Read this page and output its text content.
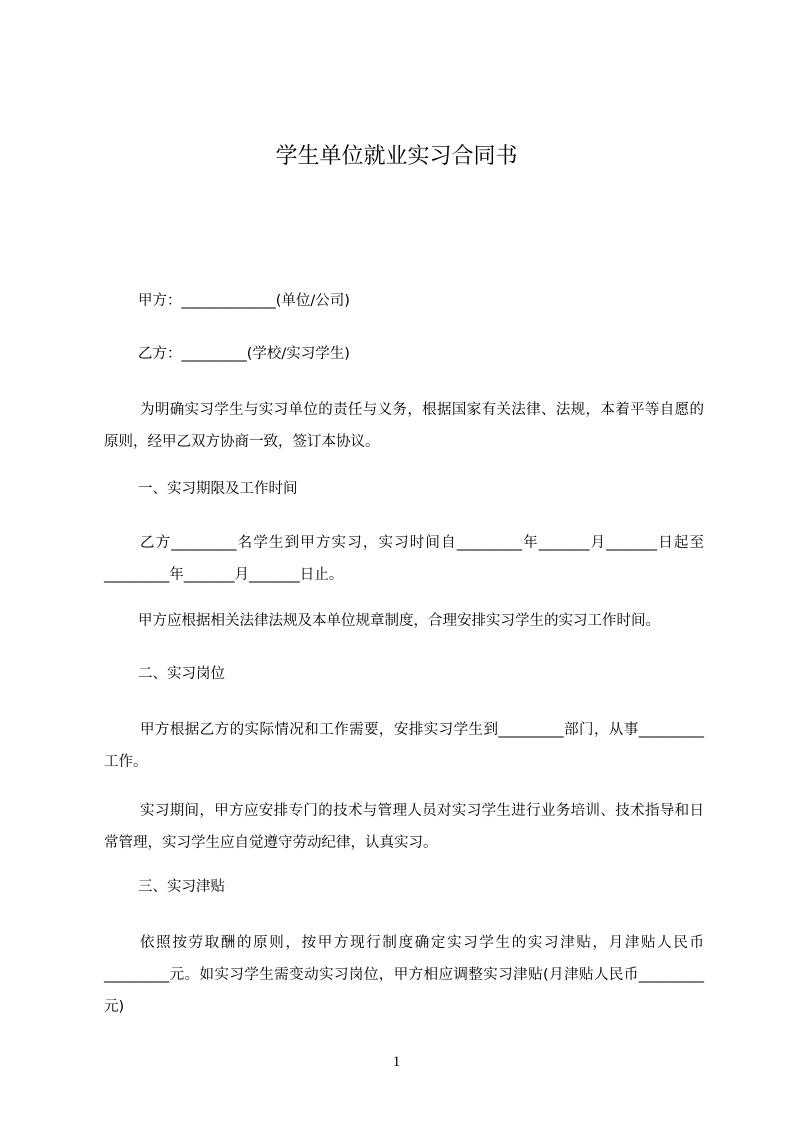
学生单位就业实习合同书
甲方：_____________(单位/公司)
乙方：_________(学校/实习学生)

为明确实习学生与实习单位的责任与义务，根据国家有关法律、法规，本着平等自愿的原则，经甲乙双方协商一致，签订本协议。

一、实习期限及工作时间

乙方_________名学生到甲方实习，实习时间自_________年_______月_______日起至_________年_______月_______日止。

甲方应根据相关法律法规及本单位规章制度，合理安排实习学生的实习工作时间。
二、实习岗位

甲方根据乙方的实际情况和工作需要，安排实习学生到_________部门，从事_________工作。

实习期间，甲方应安排专门的技术与管理人员对实习学生进行业务培训、技术指导和日常管理，实习学生应自觉遵守劳动纪律，认真实习。

三、实习津贴

依照按劳取酬的原则，按甲方现行制度确定实习学生的实习津贴，月津贴人民币_________元。如实习学生需变动实习岗位，甲方相应调整实习津贴(月津贴人民币_________元)

1
